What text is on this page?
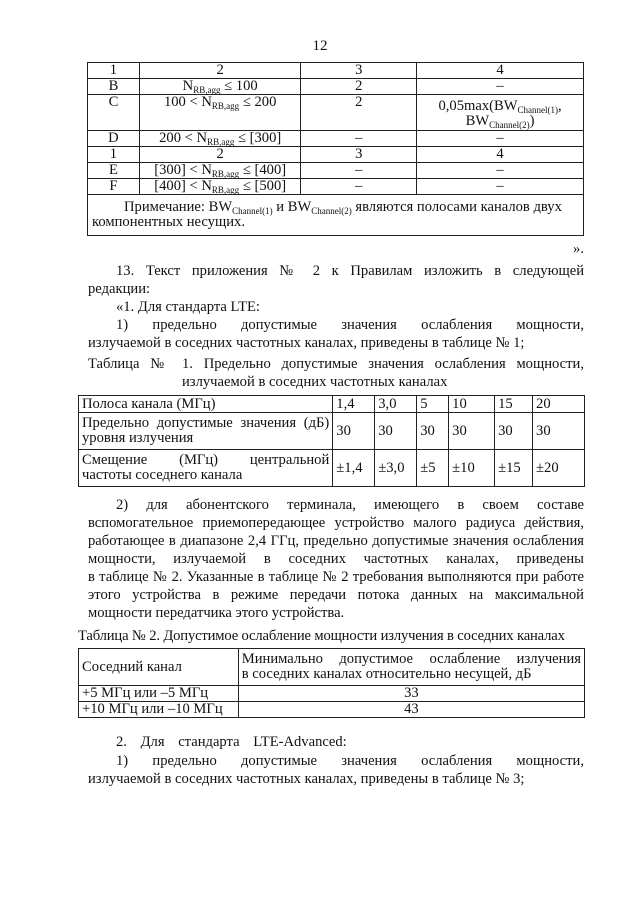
12
1	2	3	4
B	$N_{RB,agg} \le 100$	2	–
C	$100 < N_{RB,agg} \le 200$	2	$0,05\max(BW_{Channel(1)}$,
$BW_{Channel(2)}$)
D	$200 < N_{RB,agg} \le [300]$	–	–
1	2	3	4
E	$[300] < N_{RB,agg} \le [400]$	–	–
F	$[400] < N_{RB,agg} \le [500]$	–	–

Примечание: $BW_{Channel(1)}$ и $BW_{Channel(2)}$ являются полосами каналов двух
компонентных несущих.			
».
13. Текст приложения № 2 к Правилам изложить в следующей
редакции:
«1. Для стандарта LTE:
1) предельно допустимые значения ослабления мощности,
излучаемой в соседних частотных каналах, приведены в таблице № 1;
Таблица № 1. Предельно допустимые значения ослабления мощности,
излучаемой в соседних частотных каналах
Полоса канала (МГц)	1,4	3,0	5	10	15	20

Предельно допустимые значения (дБ)
уровня излучения	30	30	30	30	30	30

Смещение (МГц) центральной
частоты соседнего канала	±1,4	±3,0	±5	±10	±15	±20
2) для абонентского терминала, имеющего в своем составе
вспомогательное приемопередающее устройство малого радиуса действия,
работающее в диапазоне 2,4 ГГц, предельно допустимые значения ослабления
мощности, излучаемой в соседних частотных каналах, приведены
в таблице № 2. Указанные в таблице № 2 требования выполняются при работе
этого устройства в режиме передачи потока данных на максимальной
мощности передатчика этого устройства.
Таблица № 2. Допустимое ослабление мощности излучения в соседних каналах
Соседний канал	Минимально допустимое ослабление излучения
в соседних каналах относительно несущей, дБ

+5 МГц или –5 МГц	33
+10 МГц или –10 МГц	43
2. Для стандарта LTE-Advanced:
1) предельно допустимые значения ослабления мощности,
излучаемой в соседних частотных каналах, приведены в таблице № 3;
